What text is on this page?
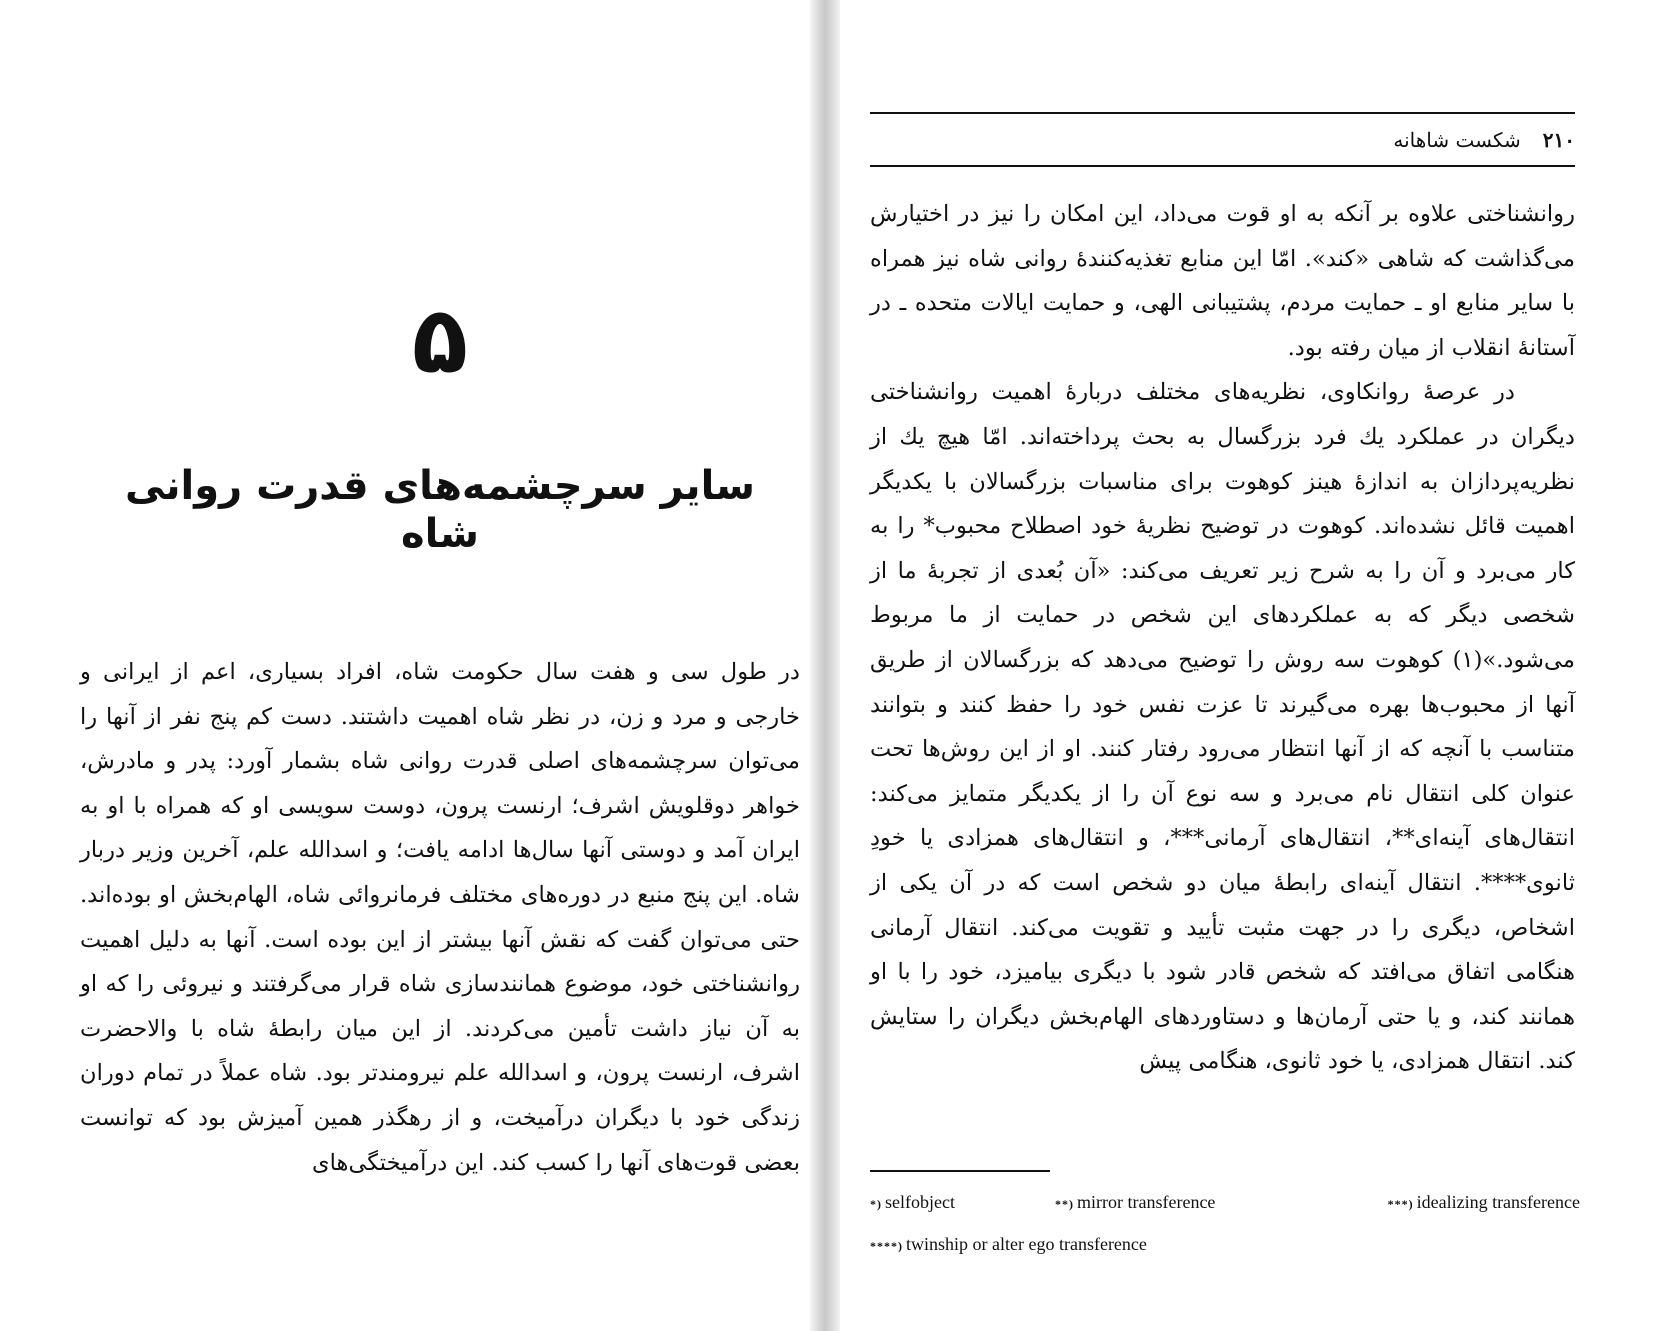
۵
سایر سرچشمه‌های قدرت روانی شاه

در طول سی و هفت سال حکومت شاه، افراد بسیاری، اعم از ایرانی و خارجی و مرد و زن، در نظر شاه اهمیت داشتند. دست کم پنج نفر از آنها را می‌توان سرچشمه‌های اصلی قدرت روانی شاه بشمار آورد: پدر و مادرش، خواهر دوقلویش اشرف؛ ارنست پرون، دوست سویسی او که همراه با او به ایران آمد و دوستی آنها سال‌ها ادامه یافت؛ و اسدالله علم، آخرین وزیر دربار شاه. این پنج منبع در دوره‌های مختلف فرمانروائی شاه، الهام‌بخش او بوده‌اند. حتی می‌توان گفت که نقش آنها بیشتر از این بوده است. آنها به دلیل اهمیت روانشناختی خود، موضوع همانندسازی شاه قرار می‌گرفتند و نیروئی را که او به آن نیاز داشت تأمین می‌کردند. از این میان رابطهٔ شاه با والاحضرت اشرف، ارنست پرون، و اسدالله علم نیرومندتر بود. شاه عملاً در تمام دوران زندگی خود با دیگران درآمیخت، و از رهگذر همین آمیزش بود که توانست بعضی قوت‌های آنها را کسب کند. این درآمیختگی‌های

۲۱۰
شکست شاهانه

روانشناختی علاوه بر آنکه به او قوت می‌داد، این امکان را نیز در اختیارش می‌گذاشت که شاهی «کند». امّا این منابع تغذیه‌کنندهٔ روانی شاه نیز همراه با سایر منابع او ـ حمایت مردم، پشتیبانی الهی، و حمایت ایالات متحده ـ در آستانهٔ انقلاب از میان رفته بود.

در عرصهٔ روانکاوی، نظریه‌های مختلف دربارهٔ اهمیت روانشناختی دیگران در عملکرد یك فرد بزرگسال به بحث پرداخته‌اند. امّا هیچ یك از نظریه‌پردازان به اندازهٔ هینز کوهوت برای مناسبات بزرگسالان با یکدیگر اهمیت قائل نشده‌اند. کوهوت در توضیح نظریهٔ خود اصطلاح محبوب* را به کار می‌برد و آن را به شرح زیر تعریف می‌کند: «آن بُعدی از تجربهٔ ما از شخصی دیگر که به عملکردهای این شخص در حمایت از ما مربوط می‌شود.»(۱) کوهوت سه روش را توضیح می‌دهد که بزرگسالان از طریق آنها از محبوب‌ها بهره می‌گیرند تا عزت نفس خود را حفظ کنند و بتوانند متناسب با آنچه که از آنها انتظار می‌رود رفتار کنند. او از این روش‌ها تحت عنوان کلی انتقال نام می‌برد و سه نوع آن را از یکدیگر متمایز می‌کند: انتقال‌های آینه‌ای**، انتقال‌های آرمانی***، و انتقال‌های همزادی یا خودِ ثانوی****. انتقال آینه‌ای رابطهٔ میان دو شخص است که در آن یکی از اشخاص، دیگری را در جهت مثبت تأیید و تقویت می‌کند. انتقال آرمانی هنگامی اتفاق می‌افتد که شخص قادر شود با دیگری بیامیزد، خود را با او همانند کند، و یا حتی آرمان‌ها و دستاوردهای الهام‌بخش دیگران را ستایش کند. انتقال همزادی، یا خود ثانوی، هنگامی پیش

*) selfobject	**) mirror transference	***) idealizing transference
****) twinship or alter ego transference
